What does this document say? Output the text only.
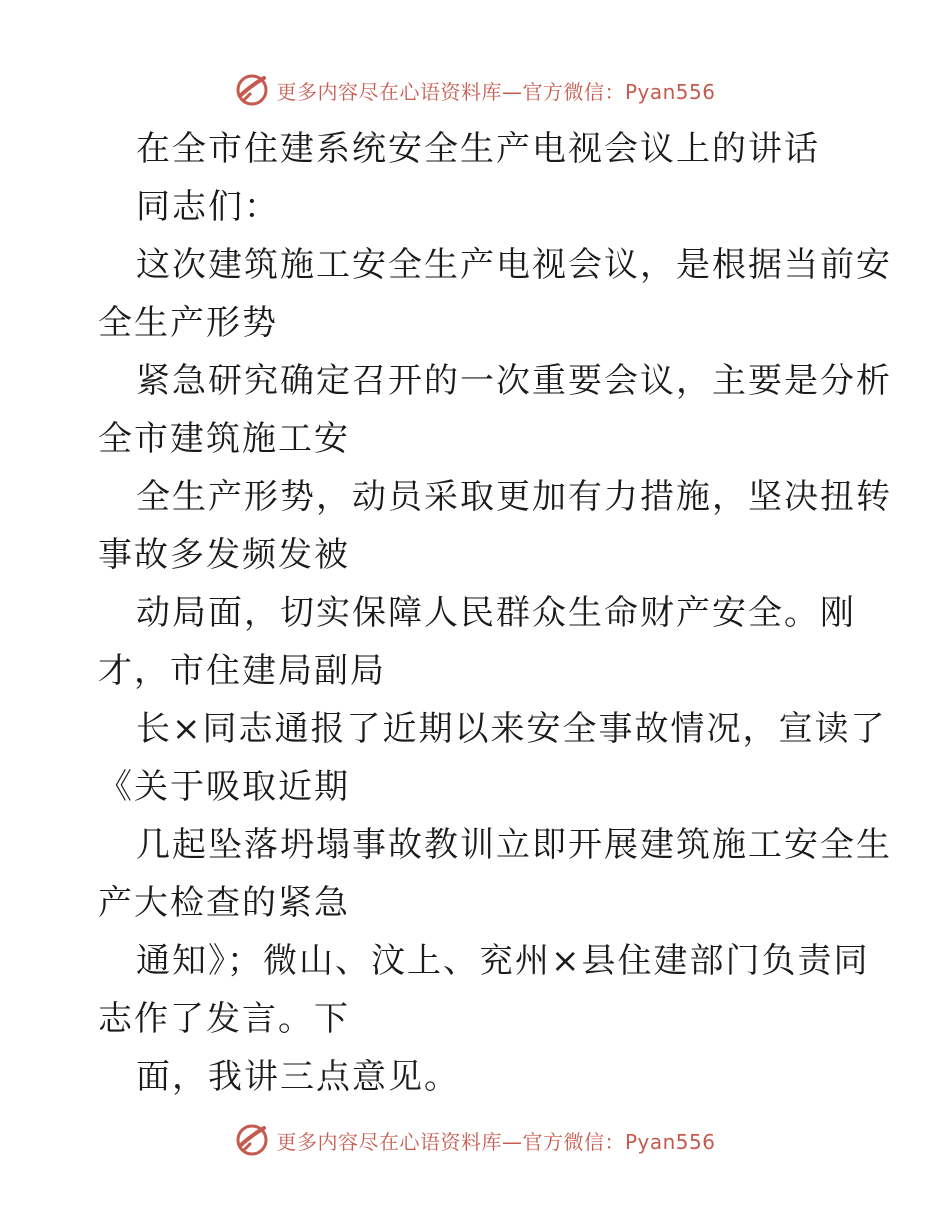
更多内容尽在心语资料库—官方微信：Pyan556
在全市住建系统安全生产电视会议上的讲话
同志们：
这次建筑施工安全生产电视会议，是根据当前安
全生产形势
紧急研究确定召开的一次重要会议，主要是分析
全市建筑施工安
全生产形势，动员采取更加有力措施，坚决扭转
事故多发频发被
动局面，切实保障人民群众生命财产安全。刚
才，市住建局副局
长×同志通报了近期以来安全事故情况，宣读了
《关于吸取近期
几起坠落坍塌事故教训立即开展建筑施工安全生
产大检查的紧急
通知》；微山、汶上、兖州×县住建部门负责同
志作了发言。下
面，我讲三点意见。
更多内容尽在心语资料库—官方微信：Pyan556
